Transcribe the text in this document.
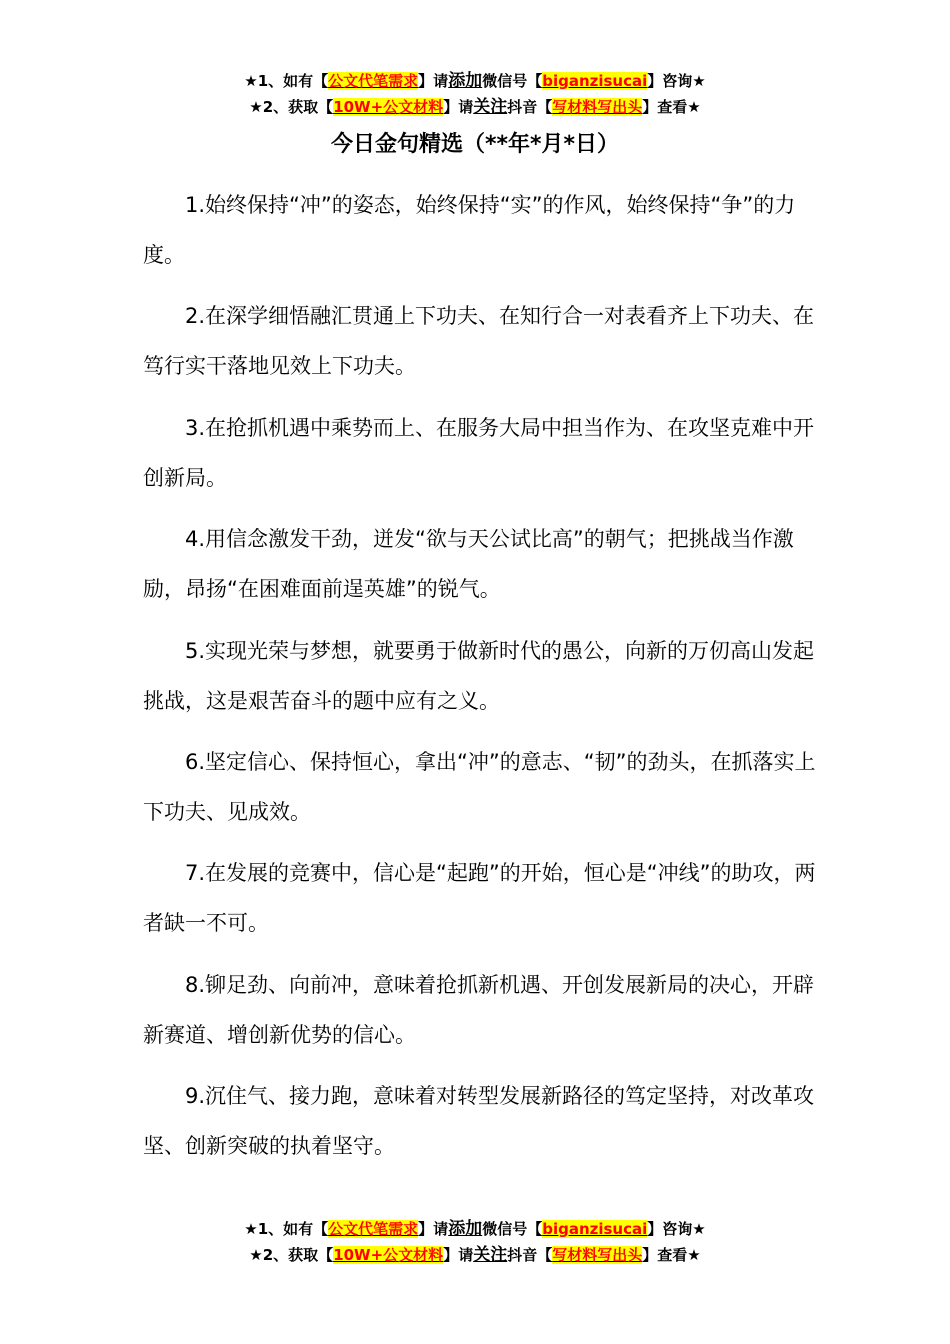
★1、如有【公文代笔需求】请添加微信号【biganzisucai】咨询★
★2、获取【10W+公文材料】请关注抖音【写材料写出头】查看★
今日金句精选（**年*月*日）

1.始终保持“冲”的姿态，始终保持“实”的作风，始终保持“争”的力度。

2.在深学细悟融汇贯通上下功夫、在知行合一对表看齐上下功夫、在笃行实干落地见效上下功夫。

3.在抢抓机遇中乘势而上、在服务大局中担当作为、在攻坚克难中开创新局。

4.用信念激发干劲，迸发“欲与天公试比高”的朝气；把挑战当作激励，昂扬“在困难面前逞英雄”的锐气。

5.实现光荣与梦想，就要勇于做新时代的愚公，向新的万仞高山发起挑战，这是艰苦奋斗的题中应有之义。

6.坚定信心、保持恒心，拿出“冲”的意志、“韧”的劲头，在抓落实上下功夫、见成效。

7.在发展的竞赛中，信心是“起跑”的开始，恒心是“冲线”的助攻，两者缺一不可。

8.铆足劲、向前冲，意味着抢抓新机遇、开创发展新局的决心，开辟新赛道、增创新优势的信心。

9.沉住气、接力跑，意味着对转型发展新路径的笃定坚持，对改革攻坚、创新突破的执着坚守。

★1、如有【公文代笔需求】请添加微信号【biganzisucai】咨询★
★2、获取【10W+公文材料】请关注抖音【写材料写出头】查看★
